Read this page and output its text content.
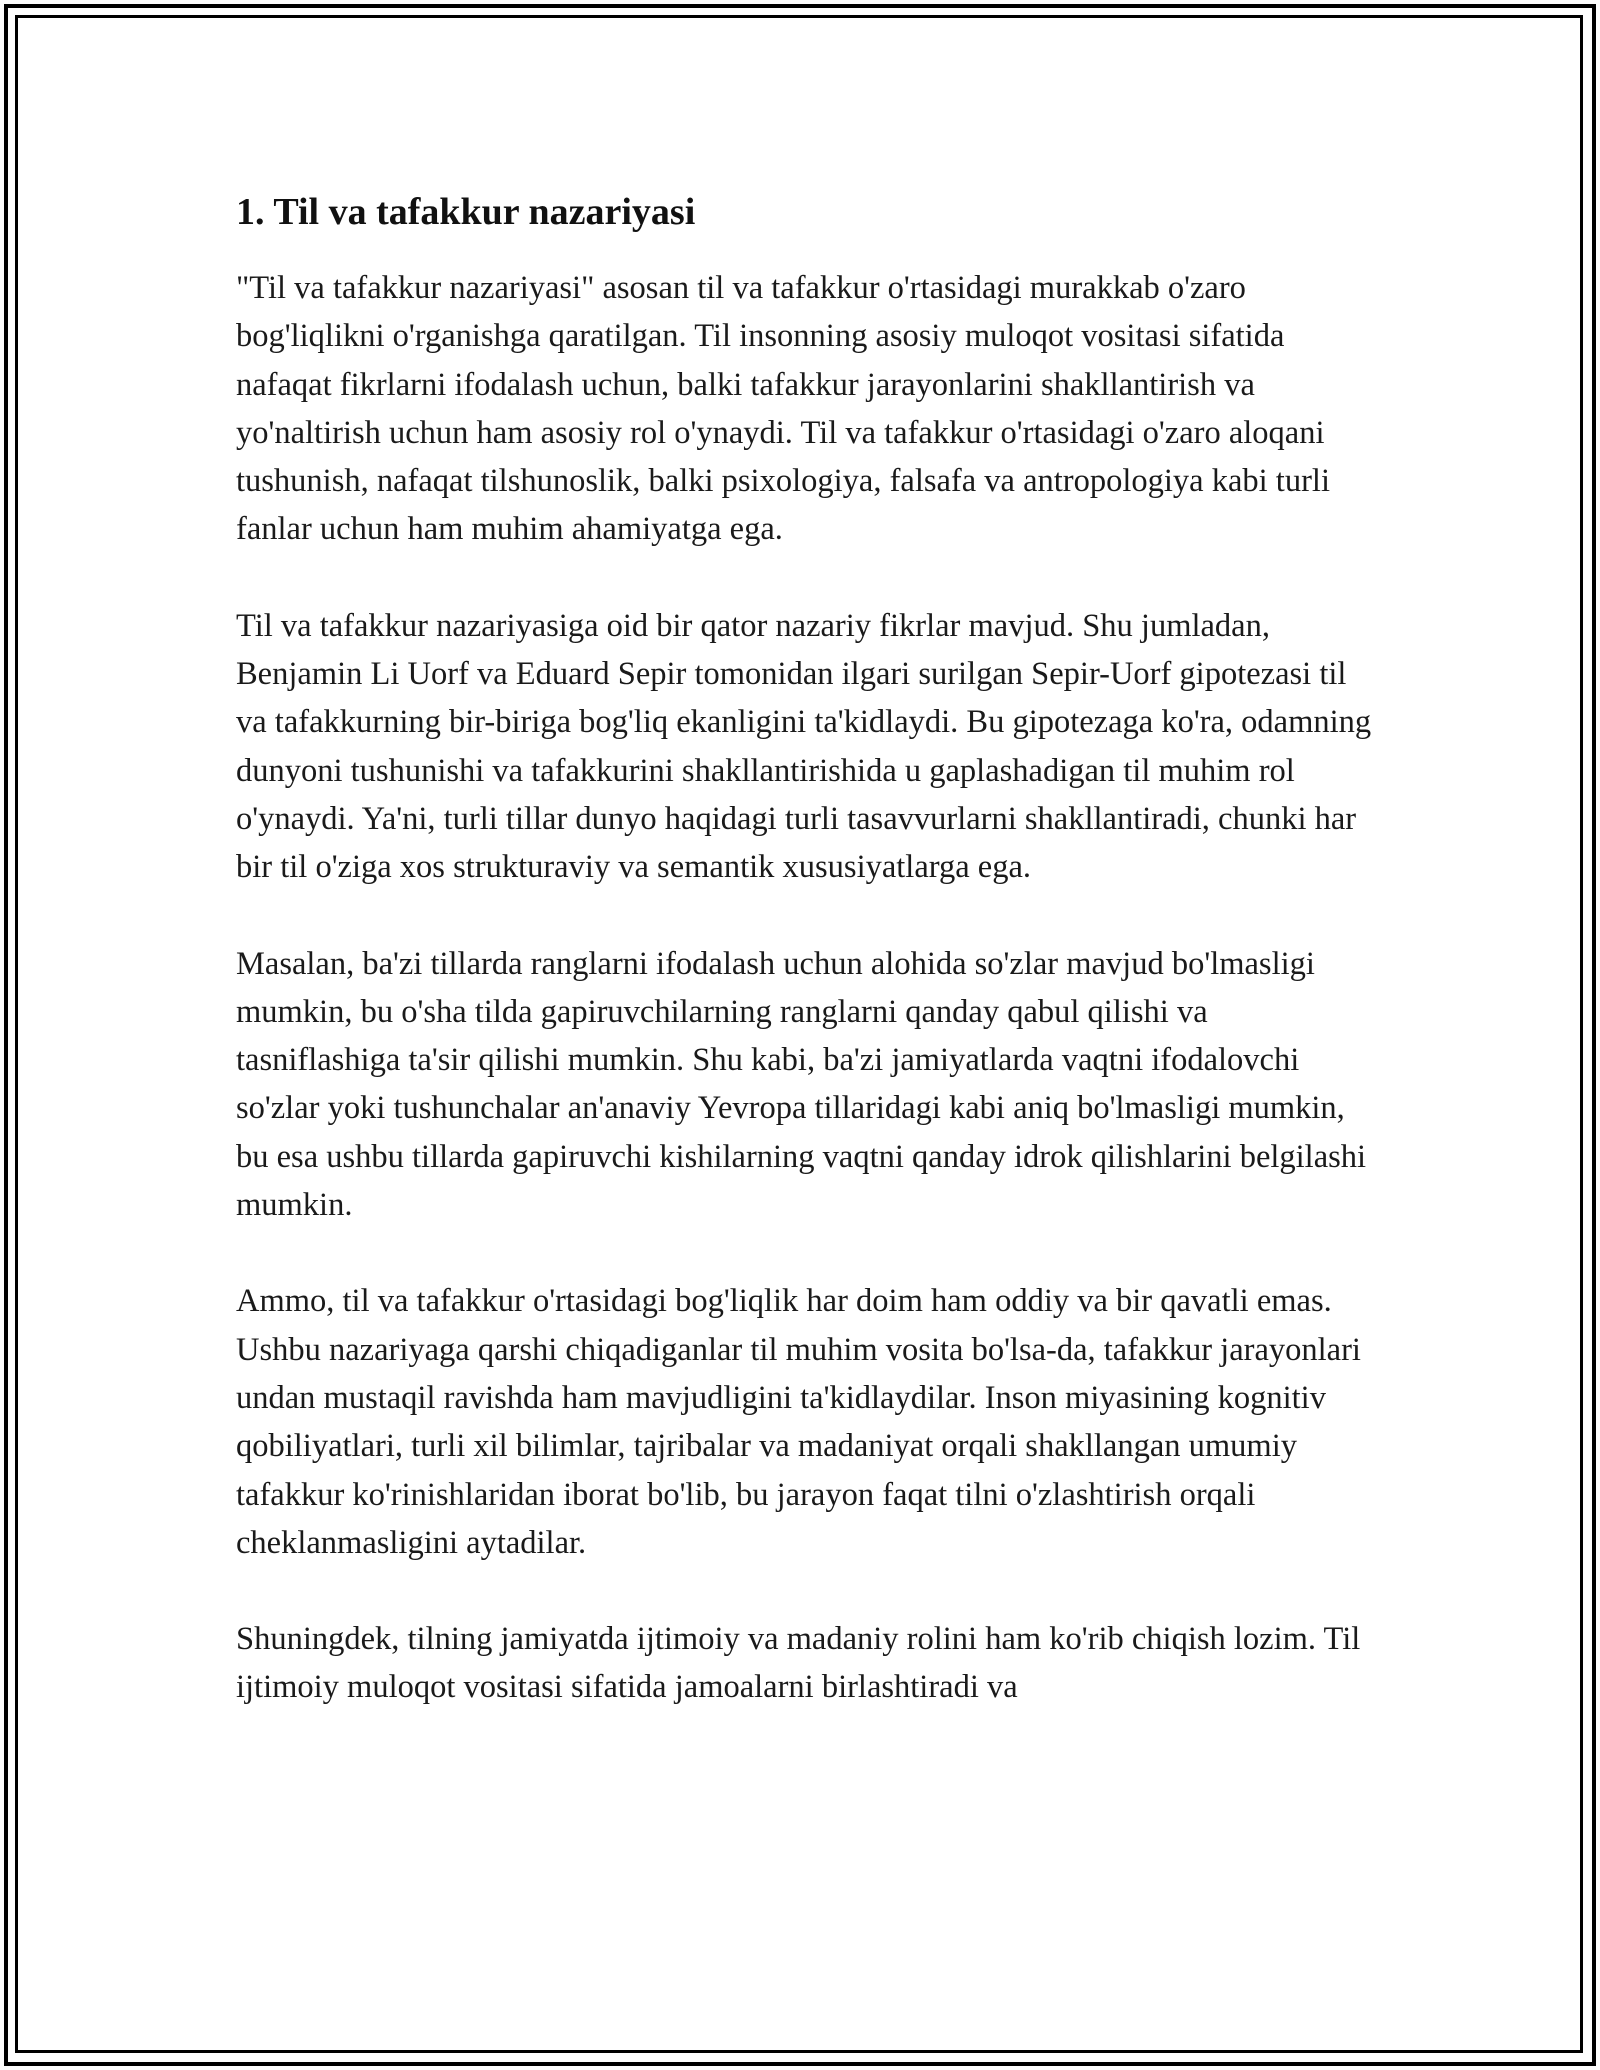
1. Til va tafakkur nazariyasi

"Til va tafakkur nazariyasi" asosan til va tafakkur o'rtasidagi murakkab o'zaro bog'liqlikni o'rganishga qaratilgan. Til insonning asosiy muloqot vositasi sifatida nafaqat fikrlarni ifodalash uchun, balki tafakkur jarayonlarini shakllantirish va yo'naltirish uchun ham asosiy rol o'ynaydi. Til va tafakkur o'rtasidagi o'zaro aloqani tushunish, nafaqat tilshunoslik, balki psixologiya, falsafa va antropologiya kabi turli fanlar uchun ham muhim ahamiyatga ega.

Til va tafakkur nazariyasiga oid bir qator nazariy fikrlar mavjud. Shu jumladan, Benjamin Li Uorf va Eduard Sepir tomonidan ilgari surilgan Sepir-Uorf gipotezasi til va tafakkurning bir-biriga bog'liq ekanligini ta'kidlaydi. Bu gipotezaga ko'ra, odamning dunyoni tushunishi va tafakkurini shakllantirishida u gaplashadigan til muhim rol o'ynaydi. Ya'ni, turli tillar dunyo haqidagi turli tasavvurlarni shakllantiradi, chunki har bir til o'ziga xos strukturaviy va semantik xususiyatlarga ega.

Masalan, ba'zi tillarda ranglarni ifodalash uchun alohida so'zlar mavjud bo'lmasligi mumkin, bu o'sha tilda gapiruvchilarning ranglarni qanday qabul qilishi va tasniflashiga ta'sir qilishi mumkin. Shu kabi, ba'zi jamiyatlarda vaqtni ifodalovchi so'zlar yoki tushunchalar an'anaviy Yevropa tillaridagi kabi aniq bo'lmasligi mumkin, bu esa ushbu tillarda gapiruvchi kishilarning vaqtni qanday idrok qilishlarini belgilashi mumkin.

Ammo, til va tafakkur o'rtasidagi bog'liqlik har doim ham oddiy va bir qavatli emas. Ushbu nazariyaga qarshi chiqadiganlar til muhim vosita bo'lsa-da, tafakkur jarayonlari undan mustaqil ravishda ham mavjudligini ta'kidlaydilar. Inson miyasining kognitiv qobiliyatlari, turli xil bilimlar, tajribalar va madaniyat orqali shakllangan umumiy tafakkur ko'rinishlaridan iborat bo'lib, bu jarayon faqat tilni o'zlashtirish orqali cheklanmasligini aytadilar.

Shuningdek, tilning jamiyatda ijtimoiy va madaniy rolini ham ko'rib chiqish lozim. Til ijtimoiy muloqot vositasi sifatida jamoalarni birlashtiradi va
